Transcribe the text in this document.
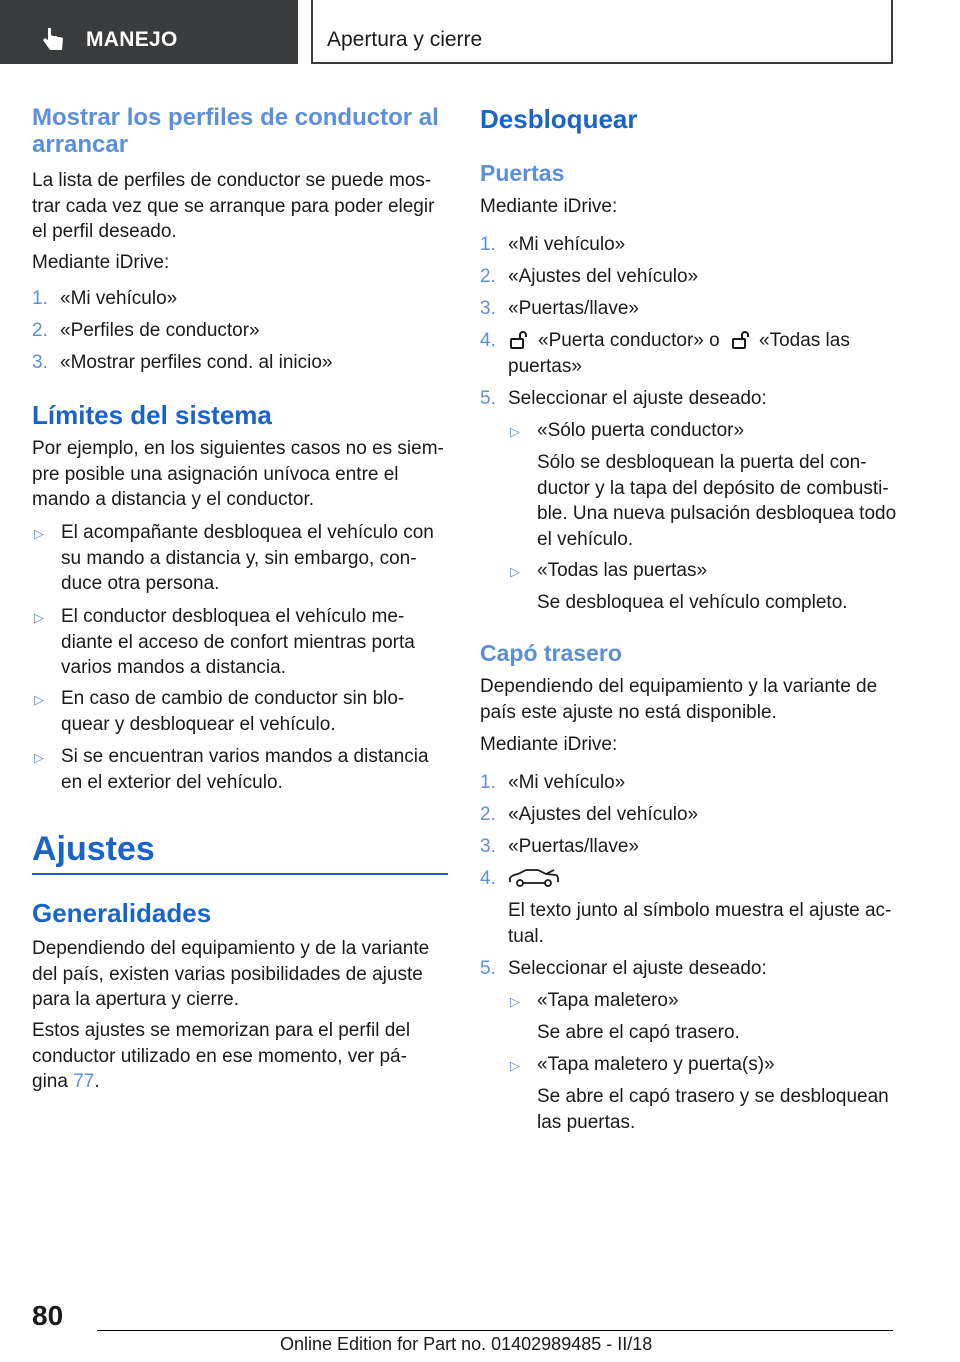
MANEJO	Apertura y cierre
Mostrar los perfiles de conductor al arrancar

La lista de perfiles de conductor se puede mos-trar cada vez que se arranque para poder elegir el perfil deseado.

Mediante iDrive:

1. «Mi vehículo»
2. «Perfiles de conductor»
3. «Mostrar perfiles cond. al inicio»
Límites del sistema

Por ejemplo, en los siguientes casos no es siem-pre posible una asignación unívoca entre el mando a distancia y el conductor.

▷ El acompañante desbloquea el vehículo con su mando a distancia y, sin embargo, con-duce otra persona.
▷ El conductor desbloquea el vehículo me-diante el acceso de confort mientras porta varios mandos a distancia.
▷ En caso de cambio de conductor sin blo-quear y desbloquear el vehículo.
▷ Si se encuentran varios mandos a distancia en el exterior del vehículo.
Ajustes
Generalidades

Dependiendo del equipamiento y de la variante del país, existen varias posibilidades de ajuste para la apertura y cierre.

Estos ajustes se memorizan para el perfil del conductor utilizado en ese momento, ver pá-gina 77.

Desbloquear
Puertas

Mediante iDrive:

1. «Mi vehículo»
2. «Ajustes del vehículo»
3. «Puertas/llave»
4. «Puerta conductor» o «Todas las
puertas»
5. Seleccionar el ajuste deseado:
▷ «Sólo puerta conductor»
Sólo se desbloquean la puerta del con-ductor y la tapa del depósito de combusti-ble. Una nueva pulsación desbloquea todo el vehículo.
▷ «Todas las puertas»
Se desbloquea el vehículo completo.
Capó trasero

Dependiendo del equipamiento y la variante de país este ajuste no está disponible.

Mediante iDrive:

1. «Mi vehículo»
2. «Ajustes del vehículo»
3. «Puertas/llave»
4.
El texto junto al símbolo muestra el ajuste ac-tual.
5. Seleccionar el ajuste deseado:
▷ «Tapa maletero»
Se abre el capó trasero.
▷ «Tapa maletero y puerta(s)»
Se abre el capó trasero y se desbloquean las puertas.
80
Online Edition for Part no. 01402989485 - II/18
